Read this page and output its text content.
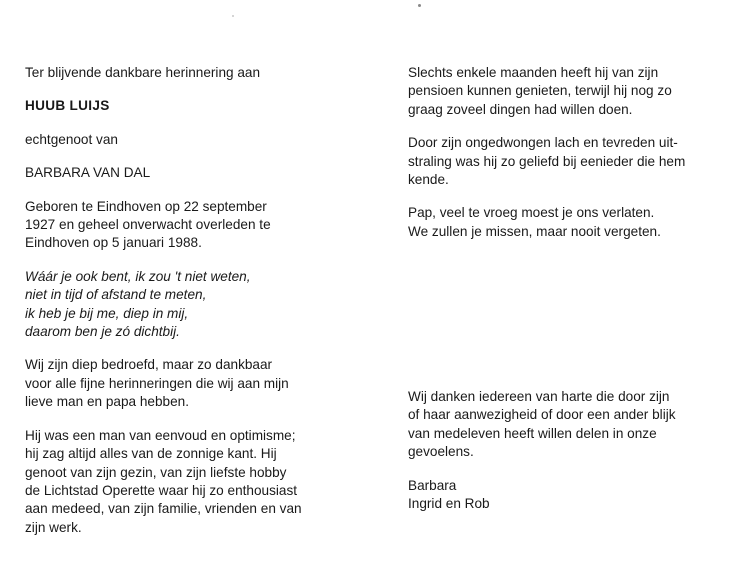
Ter blijvende dankbare herinnering aan

HUUB LUIJS

echtgenoot van

BARBARA VAN DAL

Geboren te Eindhoven op 22 september
1927 en geheel onverwacht overleden te
Eindhoven op 5 januari 1988.

Wáár je ook bent, ik zou 't niet weten,
niet in tijd of afstand te meten,
ik heb je bij me, diep in mij,
daarom ben je zó dichtbij.

Wij zijn diep bedroefd, maar zo dankbaar
voor alle fijne herinneringen die wij aan mijn
lieve man en papa hebben.

Hij was een man van eenvoud en optimisme;
hij zag altijd alles van de zonnige kant. Hij
genoot van zijn gezin, van zijn liefste hobby
de Lichtstad Operette waar hij zo enthousiast
aan medeed, van zijn familie, vrienden en van
zijn werk.

Slechts enkele maanden heeft hij van zijn
pensioen kunnen genieten, terwijl hij nog zo
graag zoveel dingen had willen doen.

Door zijn ongedwongen lach en tevreden uit-
straling was hij zo geliefd bij eenieder die hem
kende.

Pap, veel te vroeg moest je ons verlaten.
We zullen je missen, maar nooit vergeten.

Wij danken iedereen van harte die door zijn
of haar aanwezigheid of door een ander blijk
van medeleven heeft willen delen in onze
gevoelens.

Barbara
Ingrid en Rob
